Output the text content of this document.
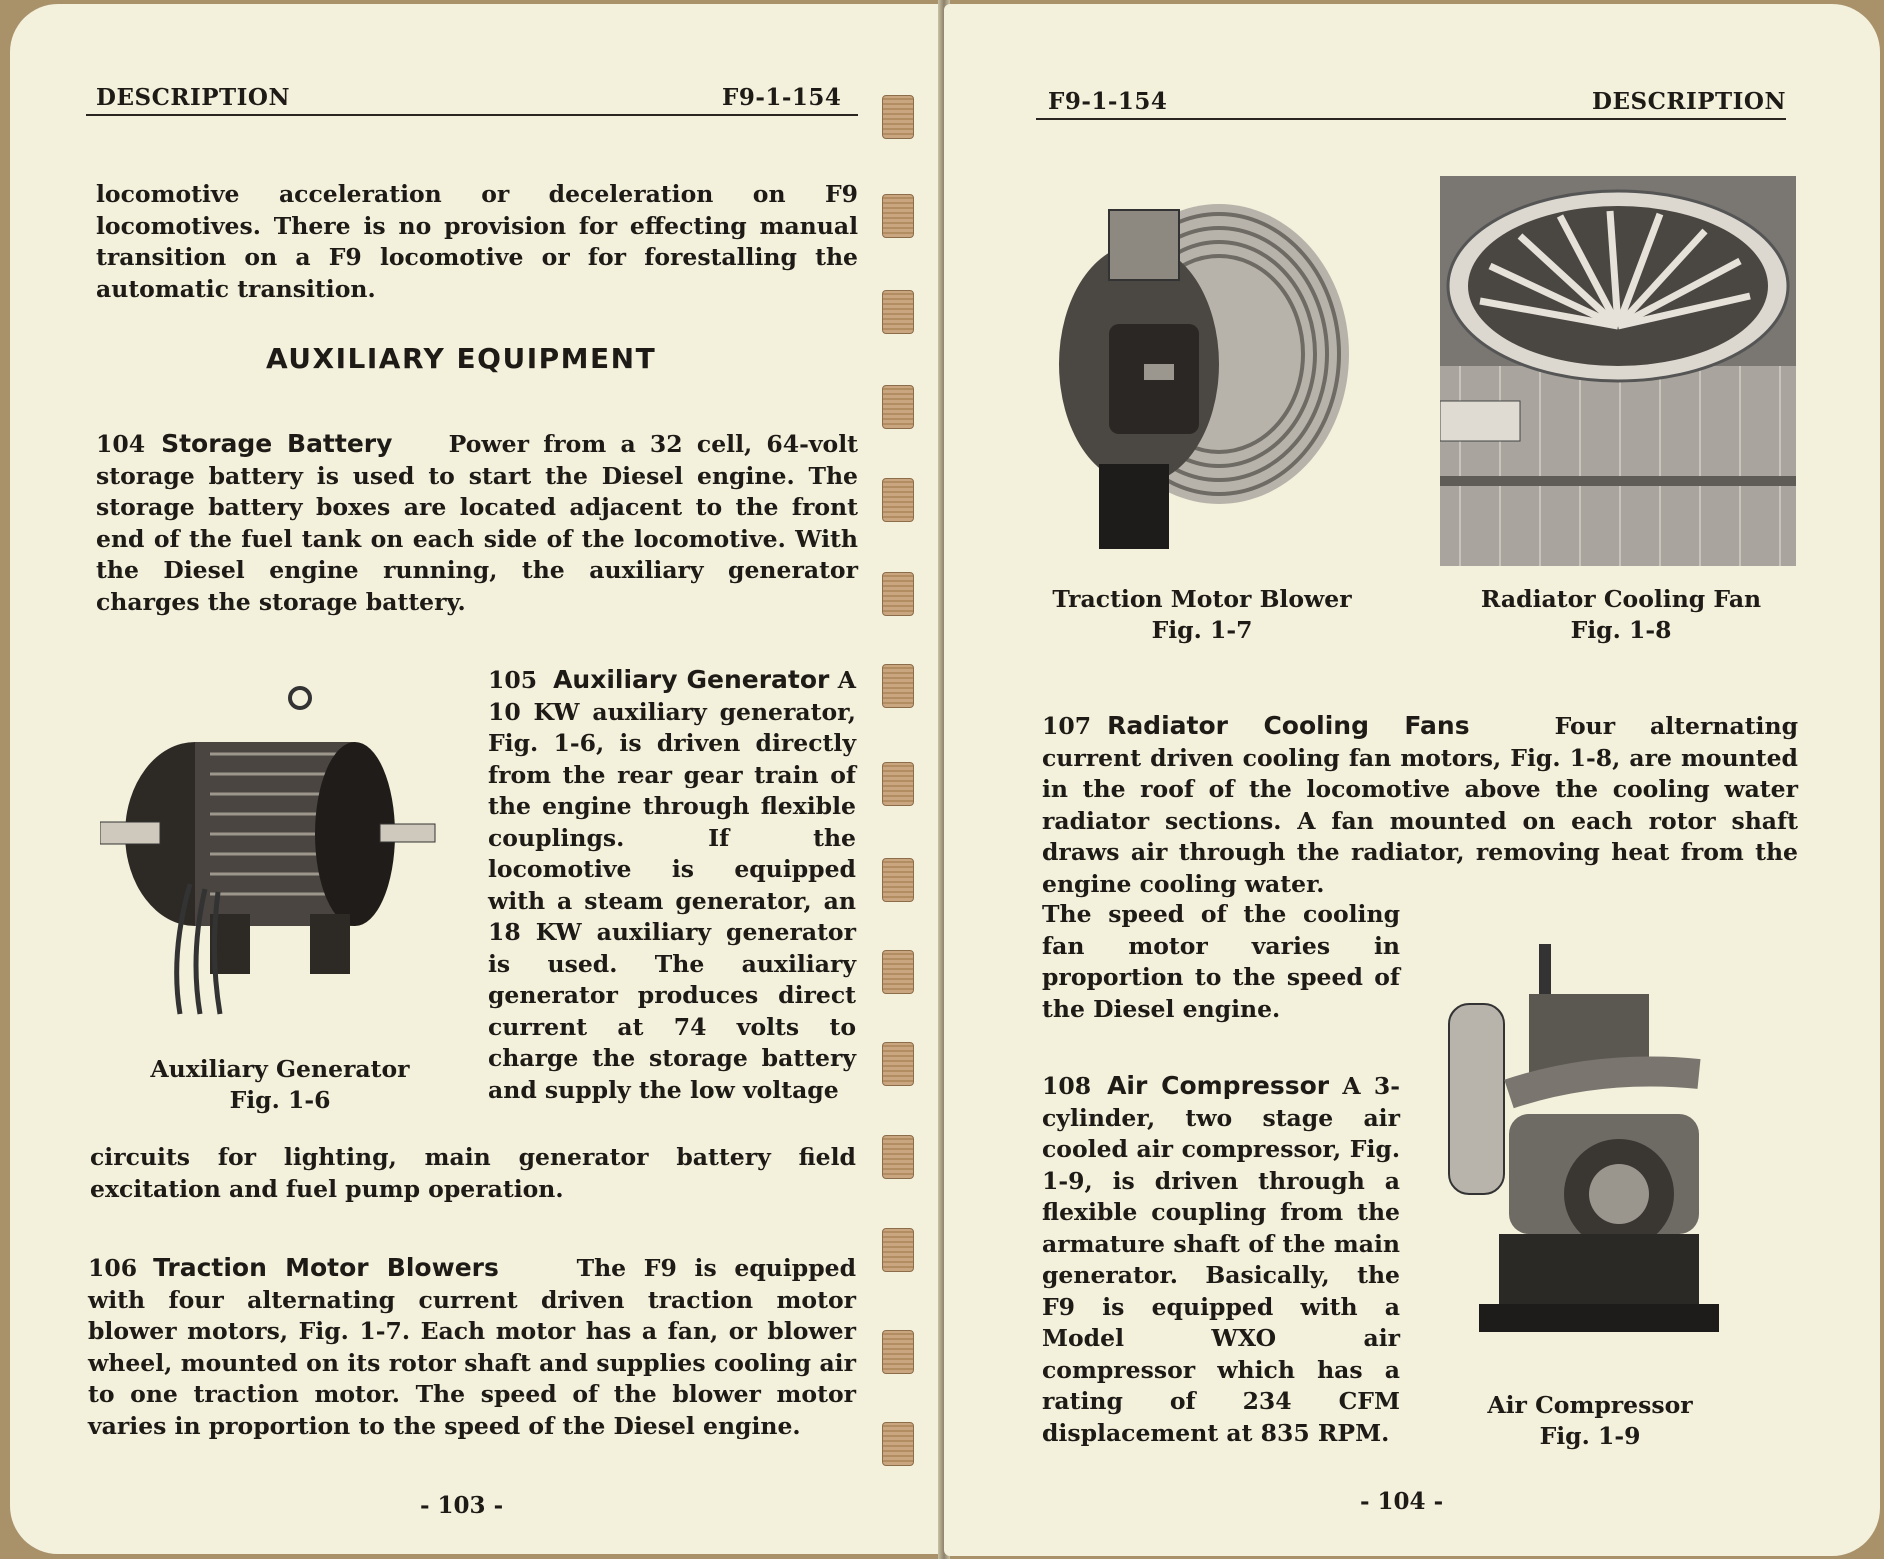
DESCRIPTION	F9-1-154
locomotive acceleration or deceleration on F9 locomotives. There is no provision for effecting manual transition on a F9 locomotive or for forestalling the automatic transition.
AUXILIARY EQUIPMENT
104 Storage Battery Power from a 32 cell, 64-volt storage battery is used to start the Diesel engine. The storage battery boxes are located adjacent to the front end of the fuel tank on each side of the locomotive. With the Diesel engine running, the auxiliary generator charges the storage battery.
105 Auxiliary Generator A 10 KW auxiliary generator, Fig. 1-6, is driven directly from the rear gear train of the engine through flexible couplings. If the locomotive is equipped with a steam generator, an 18 KW auxiliary generator is used. The auxiliary generator produces direct current at 74 volts to charge the storage battery and supply the low voltage
circuits for lighting, main generator battery field excitation and fuel pump operation.
Auxiliary Generator
Fig. 1-6
106 Traction Motor Blowers	The F9 is equipped with four alternating current driven traction motor blower motors, Fig. 1-7. Each motor has a fan, or blower wheel, mounted on its rotor shaft and supplies cooling air to one traction motor. The speed of the blower motor varies in proportion to the speed of the Diesel engine.
- 103 -
F9-1-154	DESCRIPTION
Traction Motor Blower
Fig. 1-7
Radiator Cooling Fan
Fig. 1-8
107 Radiator Cooling Fans	Four alternating current driven cooling fan motors, Fig. 1-8, are mounted in the roof of the locomotive above the cooling water radiator sections. A fan mounted on each rotor shaft draws air through the radiator, removing heat from the engine cooling water.
The speed of the cooling fan motor varies in proportion to the speed of the Diesel engine.
108 Air Compressor A 3-cylinder, two stage air cooled air compressor, Fig. 1-9, is driven through a flexible coupling from the armature shaft of the main generator. Basically, the F9 is equipped with a Model WXO air compressor which has a rating of 234 CFM displacement at 835 RPM.
Air Compressor
Fig. 1-9
- 104 -
